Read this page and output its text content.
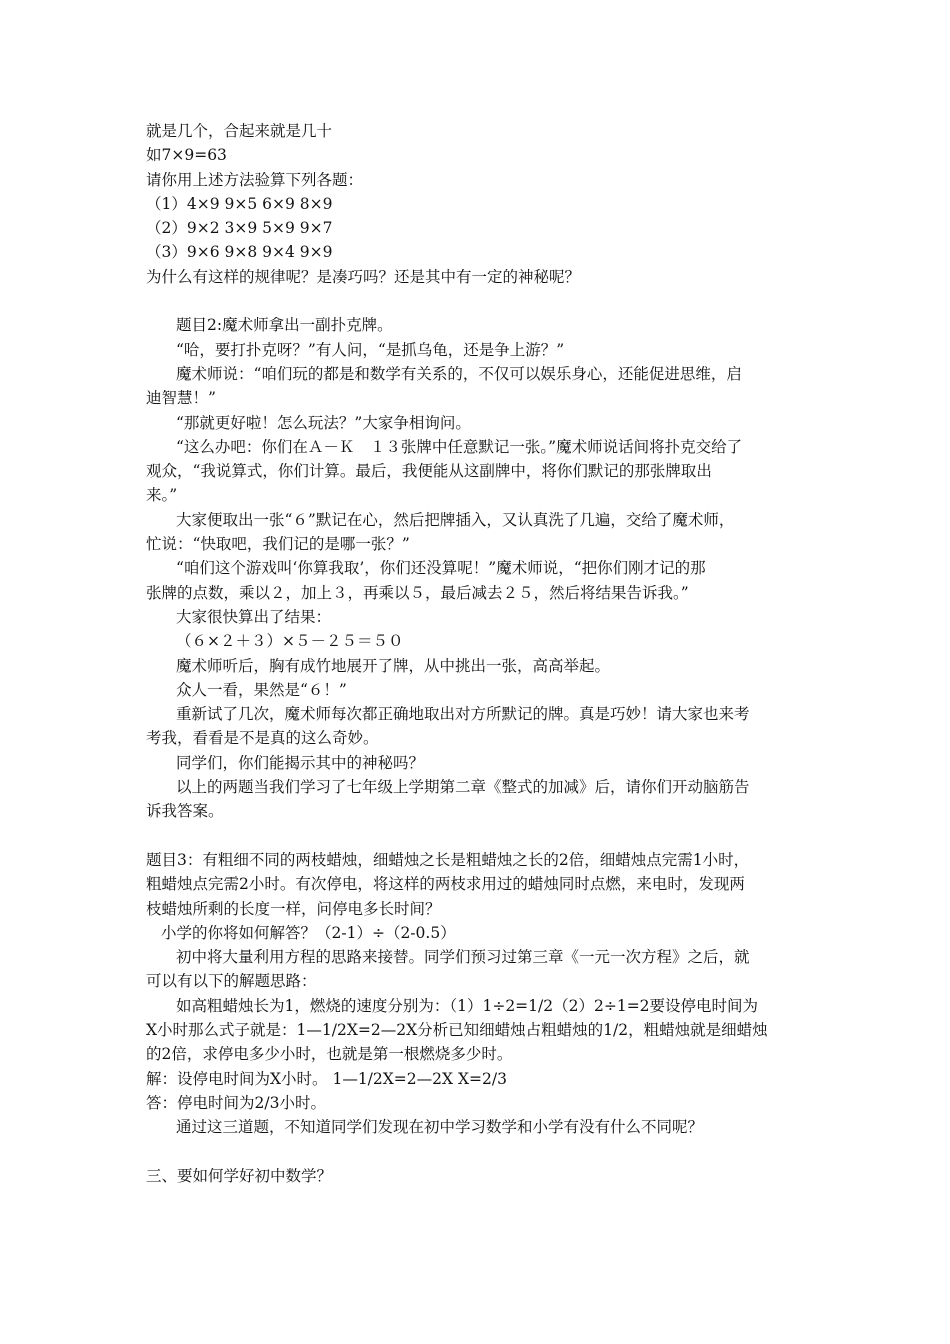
就是几个，合起来就是几十
如7×9=63
请你用上述方法验算下列各题：
（1）4×9 9×5 6×9 8×9
（2）9×2 3×9 5×9 9×7
（3）9×6 9×8 9×4 9×9
为什么有这样的规律呢？是凑巧吗？还是其中有一定的神秘呢？
题目2:魔术师拿出一副扑克牌。
“哈，要打扑克呀？”有人问，“是抓乌龟，还是争上游？”
魔术师说：“咱们玩的都是和数学有关系的，不仅可以娱乐身心，还能促进思维，启
迪智慧！”
“那就更好啦！怎么玩法？”大家争相询问。
“这么办吧：你们在Ａ－Ｋ　１３张牌中任意默记一张。”魔术师说话间将扑克交给了
观众，“我说算式，你们计算。最后，我便能从这副牌中，将你们默记的那张牌取出
来。”
大家便取出一张“６”默记在心，然后把牌插入，又认真洗了几遍，交给了魔术师，
忙说：“快取吧，我们记的是哪一张？”
“咱们这个游戏叫‘你算我取’，你们还没算呢！”魔术师说，“把你们刚才记的那
张牌的点数，乘以２，加上３，再乘以５，最后减去２５，然后将结果告诉我。”
大家很快算出了结果：
（６×２＋３）×５－２５＝５０
魔术师听后，胸有成竹地展开了牌，从中挑出一张，高高举起。
众人一看，果然是“６！”
重新试了几次，魔术师每次都正确地取出对方所默记的牌。真是巧妙！请大家也来考
考我，看看是不是真的这么奇妙。
同学们，你们能揭示其中的神秘吗？
以上的两题当我们学习了七年级上学期第二章《整式的加减》后，请你们开动脑筋告
诉我答案。
题目3：有粗细不同的两枝蜡烛，细蜡烛之长是粗蜡烛之长的2倍，细蜡烛点完需1小时，
粗蜡烛点完需2小时。有次停电，将这样的两枝求用过的蜡烛同时点燃，来电时，发现两
枝蜡烛所剩的长度一样，问停电多长时间？
小学的你将如何解答？（2-1）÷（2-0.5）
初中将大量利用方程的思路来接替。同学们预习过第三章《一元一次方程》之后，就
可以有以下的解题思路：
如高粗蜡烛长为1，燃烧的速度分别为：（1）1÷2=1/2（2）2÷1=2要设停电时间为
X小时那么式子就是：1—1/2X=2—2X分析已知细蜡烛占粗蜡烛的1/2，粗蜡烛就是细蜡烛
的2倍，求停电多少小时，也就是第一根燃烧多少时。
解：设停电时间为X小时。 1—1/2X=2—2X X=2/3
答：停电时间为2/3小时。
通过这三道题，不知道同学们发现在初中学习数学和小学有没有什么不同呢？
三、要如何学好初中数学？
